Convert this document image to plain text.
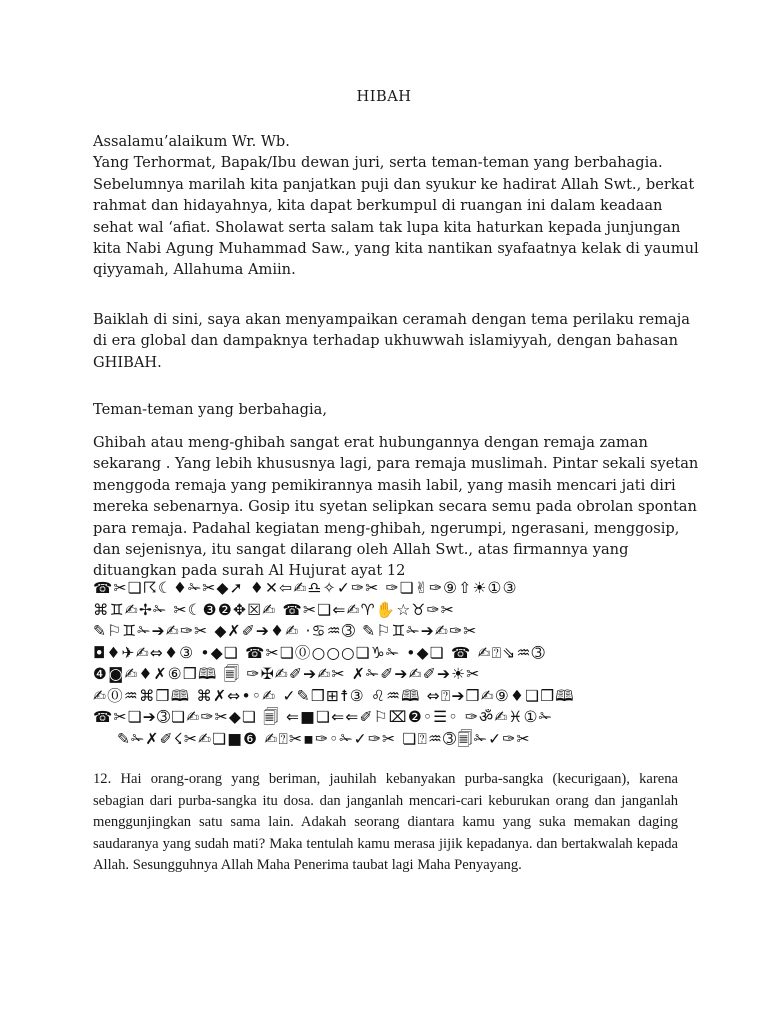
HIBAH
Assalamu’alaikum Wr. Wb.
Yang Terhormat, Bapak/Ibu dewan juri, serta teman-teman yang berbahagia.
Sebelumnya marilah kita panjatkan puji dan syukur ke hadirat Allah Swt., berkat
rahmat dan hidayahnya, kita dapat berkumpul di ruangan ini dalam keadaan
sehat wal ‘afiat. Sholawat serta salam tak lupa kita haturkan kepada junjungan
kita Nabi Agung Muhammad Saw., yang kita nantikan syafaatnya kelak di yaumul
qiyyamah, Allahuma Amiin.
Baiklah di sini, saya akan menyampaikan ceramah dengan tema perilaku remaja
di era global dan dampaknya terhadap ukhuwwah islamiyyah, dengan bahasan
GHIBAH.
Teman-teman yang berbahagia,
Ghibah atau meng-ghibah sangat erat hubungannya dengan remaja zaman
sekarang . Yang lebih khususnya lagi, para remaja muslimah. Pintar sekali syetan
menggoda remaja yang pemikirannya masih labil, yang masih mencari jati diri
mereka sebenarnya. Gosip itu syetan selipkan secara semu pada obrolan spontan
para remaja. Padahal kegiatan meng-ghibah, ngerumpi, ngerasani, menggosip,
dan sejenisnya, itu sangat dilarang oleh Allah Swt., atas firmannya yang
dituangkan pada surah Al Hujurat ayat 12
☎✂❏☈☾♦✁✂◆➚ ♦✕⇦✍♎✧✓✑✂ ✑❏✌✑⑨⇧☀①③
⌘♊✍✢✁ ✂☾❸❷✥☒✍ ☎✂❏⇐✍♈✋☆♉✑✂
✎⚐♊✁➔✍✑✂ ◆✗✐➔♦✍ ·♋♒➂ ✎⚐♊✁➔✍✑✂
◘♦✈✍⇔♦③ •◆❏ ☎✂❏⓪○○○❏♑✁ •◆❏ ☎ ✍⍰⇘♒➂
❹◙✍♦✗⑥❒🕮 🗐 ✑✠✍✐➔✍✂ ✗✁✐➔✍✐➔☀✂
✍⓪♒⌘❒🕮 ⌘✗⇔•◦✍ ✓✎❒⊞☨③ ♌♒🕮 ⇔⍰➔❒✍⑨♦❏❒🕮
☎✂❏➔➂❏✍✑✂◆❏ 🗐 ⇐■❏⇐⇐✐⚐⌧❷◦☰◦ ✑ॐ✍♓①✁
✎✁✗✐☇✂✍❏■❻ ✍⍰✂▪✑◦✁✓✑✂ ❏⍰♒➂🗐✁✓✑✂
12. Hai orang-orang yang beriman, jauhilah kebanyakan purba-sangka (kecurigaan), karena sebagian dari purba-sangka itu dosa. dan janganlah mencari-cari keburukan orang dan janganlah menggunjingkan satu sama lain. Adakah seorang diantara kamu yang suka memakan daging saudaranya yang sudah mati? Maka tentulah kamu merasa jijik kepadanya. dan bertakwalah kepada Allah. Sesungguhnya Allah Maha Penerima taubat lagi Maha Penyayang.
